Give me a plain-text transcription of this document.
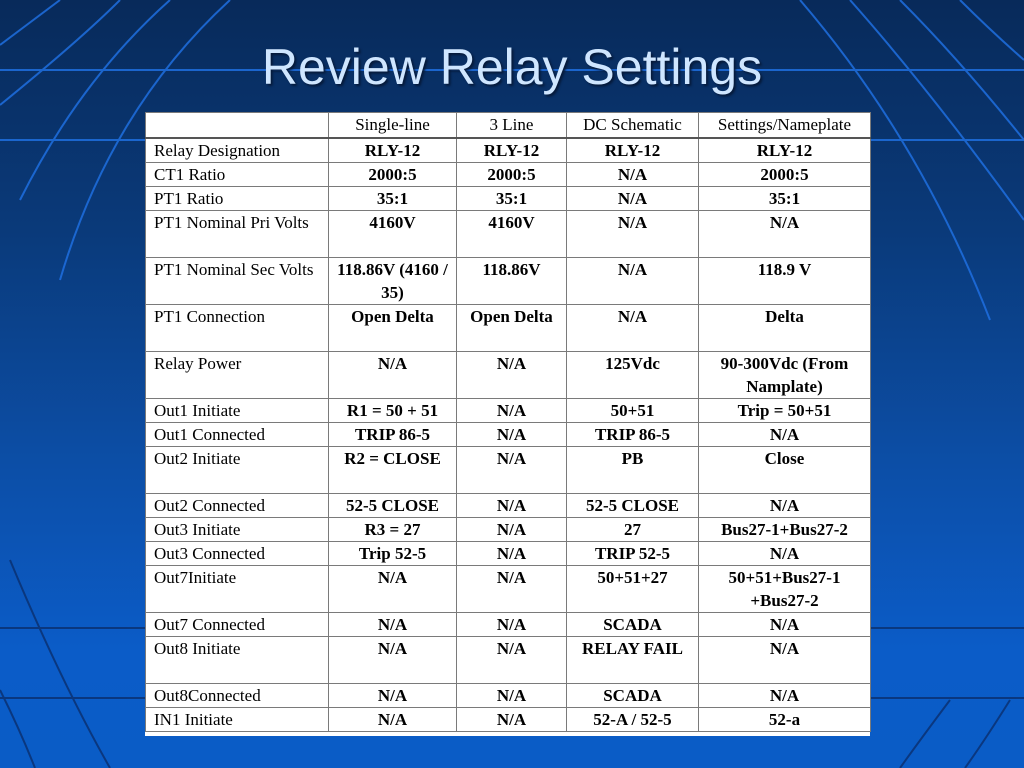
Review Relay Settings
	Single-line	3 Line	DC Schematic	Settings/Nameplate
Relay Designation	RLY-12	RLY-12	RLY-12	RLY-12
CT1 Ratio	2000:5	2000:5	N/A	2000:5
PT1 Ratio	35:1	35:1	N/A	35:1
PT1 Nominal Pri Volts	4160V	4160V	N/A	N/A
PT1 Nominal Sec Volts	118.86V (4160 / 35)	118.86V	N/A	118.9 V
PT1 Connection	Open Delta	Open Delta	N/A	Delta
Relay Power	N/A	N/A	125Vdc	90-300Vdc (From Namplate)
Out1 Initiate	R1 = 50 + 51	N/A	50+51	Trip = 50+51
Out1 Connected	TRIP 86-5	N/A	TRIP 86-5	N/A
Out2 Initiate	R2 = CLOSE	N/A	PB	Close
Out2 Connected	52-5 CLOSE	N/A	52-5 CLOSE	N/A
Out3 Initiate	R3 = 27	N/A	27	Bus27-1+Bus27-2
Out3 Connected	Trip 52-5	N/A	TRIP 52-5	N/A
Out7Initiate	N/A	N/A	50+51+27	50+51+Bus27-1 +Bus27-2
Out7 Connected	N/A	N/A	SCADA	N/A
Out8 Initiate	N/A	N/A	RELAY FAIL	N/A
Out8Connected	N/A	N/A	SCADA	N/A
IN1 Initiate	N/A	N/A	52-A / 52-5	52-a
